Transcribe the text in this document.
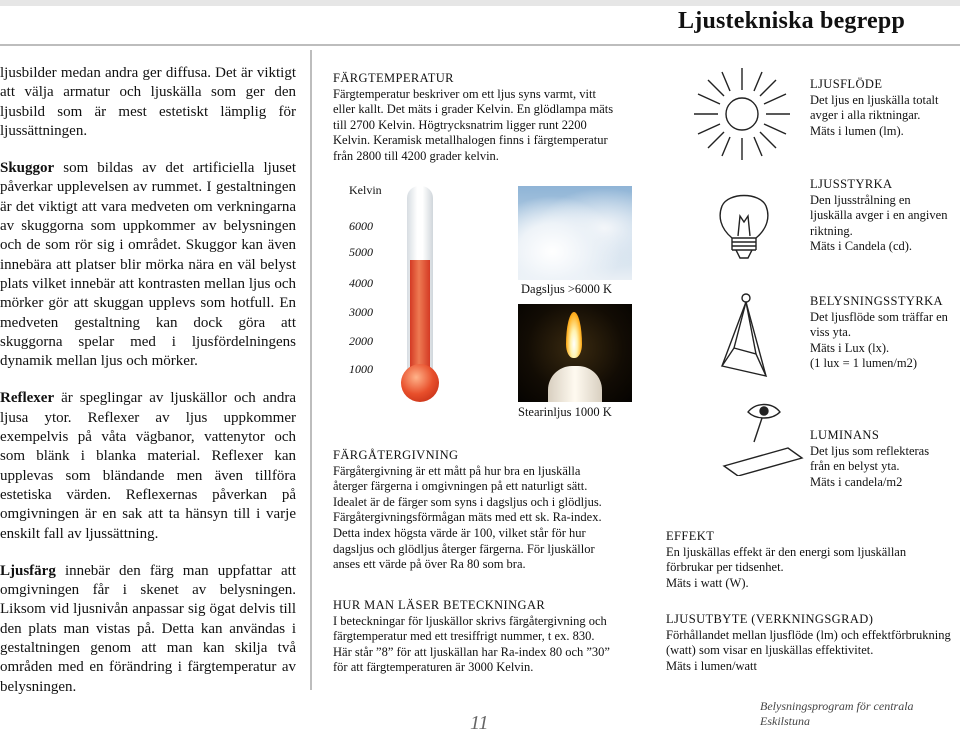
Ljustekniska begrepp

ljusbilder medan andra ger diffusa. Det är viktigt att välja armatur och ljuskälla som ger den ljusbild som är mest estetiskt lämplig för ljussättningen.

Skuggor som bildas av det artificiella ljuset påverkar upplevelsen av rummet. I gestaltningen är det viktigt att vara medveten om verkningarna av skuggorna som uppkommer av belysningen och de som rör sig i området. Skuggor kan även innebära att platser blir mörka nära en väl belyst plats vilket innebär att kontrasten mellan ljus och mörker gör att skuggan upplevs som hotfull. En medveten gestaltning kan dock göra att skuggorna spelar med i ljusfördelningens dynamik mellan ljus och mörker.

Reflexer är speglingar av ljuskällor och andra ljusa ytor. Reflexer av ljus uppkommer exempelvis på våta vägbanor, vattenytor och som blänk i blanka material. Reflexer kan upplevas som bländande men även tillföra estetiska värden. Reflexernas påverkan på omgivningen är en sak att ta hänsyn till i varje enskilt fall av ljussättning.

Ljusfärg innebär den färg man uppfattar att omgivningen får i skenet av belysningen. Liksom vid ljusnivån anpassar sig ögat delvis till den plats man vistas på. Detta kan användas i gestaltningen genom att man kan skilja två områden med en förändring i färgtemperatur av belysningen.

FÄRGTEMPERATUR
Färgtemperatur beskriver om ett ljus syns varmt, vitt
eller kallt. Det mäts i grader Kelvin. En glödlampa mäts
till 2700 Kelvin. Högtrycksnatrim ligger runt 2200
Kelvin. Keramisk metallhalogen finns i färgtemperatur
från 2800 till 4200 grader kelvin.
Kelvin
6000
5000
4000
3000
2000
1000
Dagsljus >6000 K
Stearinljus 1000 K
FÄRGÅTERGIVNING
Färgåtergivning är ett mått på hur bra en ljuskälla
återger färgerna i omgivningen på ett naturligt sätt.
Idealet är de färger som syns i dagsljus och i glödljus.
Färgåtergivningsförmågan mäts med ett sk. Ra-index.
Detta index högsta värde är 100, vilket står för hur
dagsljus och glödljus återger färgerna. För ljuskällor
anses ett värde på över Ra 80 som bra.
HUR MAN LÄSER BETECKNINGAR
I beteckningar för ljuskällor skrivs färgåtergivning och
färgtemperatur med ett tresiffrigt nummer, t ex. 830.
Här står ”8” för att ljuskällan har Ra-index 80 och ”30”
för att färgtemperaturen är 3000 Kelvin.
LJUSFLÖDE
Det ljus en ljuskälla totalt
avger i alla riktningar.
Mäts i lumen (lm).
LJUSSTYRKA
Den ljusstrålning en
ljuskälla avger i en angiven
riktning.
Mäts i Candela (cd).
BELYSNINGSSTYRKA
Det ljusflöde som träffar en
viss yta.
Mäts i Lux (lx).
(1 lux = 1 lumen/m2)
LUMINANS
Det ljus som reflekteras
från en belyst yta.
Mäts i candela/m2
EFFEKT
En ljuskällas effekt är den energi som ljuskällan
förbrukar per tidsenhet.
Mäts i watt (W).
LJUSUTBYTE (VERKNINGSGRAD)
Förhållandet mellan ljusflöde (lm) och effektförbrukning
(watt) som visar en ljuskällas effektivitet.
Mäts i lumen/watt
11
Belysningsprogram för centrala Eskilstuna
